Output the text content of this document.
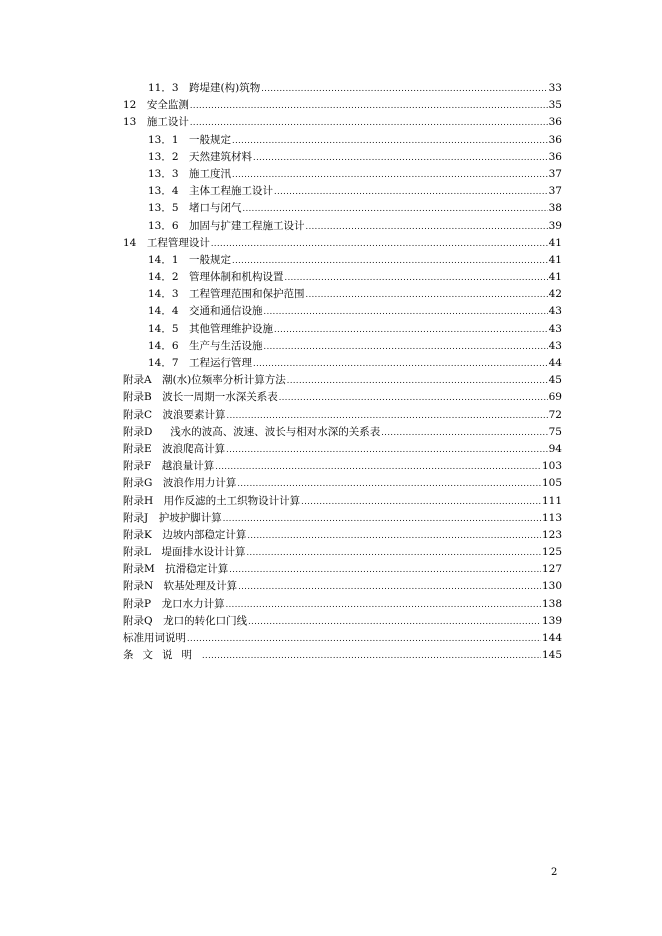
11．3　跨堤建(构)筑物 .....	33
12　安全监测 .....	35
13　施工设计 .....	36
13．1　一般规定 .....	36
13．2　天然建筑材料 .....	36
13．3　施工度汛 .....	37
13．4　主体工程施工设计 .....	37
13．5　堵口与闭气 .....	38
13．6　加固与扩建工程施工设计 .....	39
14　工程管理设计 .....	41
14．1　一般规定 .....	41
14．2　管理体制和机构设置 .....	41
14．3　工程管理范围和保护范围 .....	42
14．4　交通和通信设施 .....	43
14．5　其他管理维护设施 .....	43
14．6　生产与生活设施 .....	43
14．7　工程运行管理 .....	44
附录A　潮(水)位频率分析计算方法 .....	45
附录B　波长一周期一水深关系表 .....	69
附录C　波浪要素计算 .....	72
附录D　 浅水的波高、波速、波长与相对水深的关系表 .....	75
附录E　波浪爬高计算 .....	94
附录F　越浪量计算 .....	103
附录G　波浪作用力计算 .....	105
附录H　用作反滤的土工织物设计计算 .....	111
附录J　护坡护脚计算 .....	113
附录K　边坡内部稳定计算 .....	123
附录L　堤面排水设计计算 .....	125
附录M　抗滑稳定计算 .....	127
附录N　软基处理及计算 .....	130
附录P　龙口水力计算 .....	138
附录Q　龙口的转化口门线 .....	139
标准用词说明 .....	144
条文说明 .....	145
2
